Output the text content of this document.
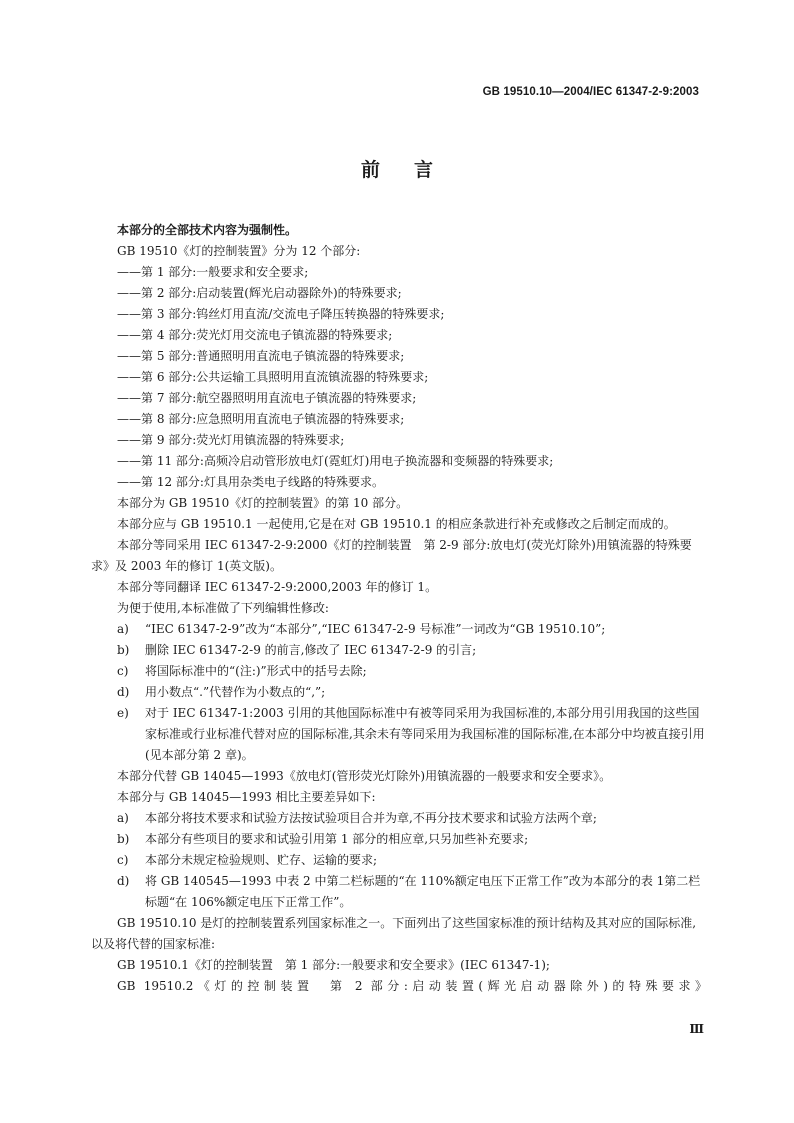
GB 19510.10—2004/IEC 61347-2-9:2003
前言

本部分的全部技术内容为强制性。

GB 19510《灯的控制装置》分为 12 个部分:

——第 1 部分:一般要求和安全要求;

——第 2 部分:启动装置(辉光启动器除外)的特殊要求;

——第 3 部分:钨丝灯用直流/交流电子降压转换器的特殊要求;

——第 4 部分:荧光灯用交流电子镇流器的特殊要求;

——第 5 部分:普通照明用直流电子镇流器的特殊要求;

——第 6 部分:公共运输工具照明用直流镇流器的特殊要求;

——第 7 部分:航空器照明用直流电子镇流器的特殊要求;

——第 8 部分:应急照明用直流电子镇流器的特殊要求;

——第 9 部分:荧光灯用镇流器的特殊要求;

——第 11 部分:高频冷启动管形放电灯(霓虹灯)用电子换流器和变频器的特殊要求;

——第 12 部分:灯具用杂类电子线路的特殊要求。

本部分为 GB 19510《灯的控制装置》的第 10 部分。

本部分应与 GB 19510.1 一起使用,它是在对 GB 19510.1 的相应条款进行补充或修改之后制定而成的。

本部分等同采用 IEC 61347-2-9:2000《灯的控制装置　第 2-9 部分:放电灯(荧光灯除外)用镇流器的特殊要求》及 2003 年的修订 1(英文版)。

本部分等同翻译 IEC 61347-2-9:2000,2003 年的修订 1。

为便于使用,本标准做了下列编辑性修改:

a)	“IEC 61347-2-9”改为“本部分”,“IEC 61347-2-9 号标准”一词改为“GB 19510.10”;
b)	删除 IEC 61347-2-9 的前言,修改了 IEC 61347-2-9 的引言;
c)	将国际标准中的“(注:)”形式中的括号去除;
d)	用小数点“.”代替作为小数点的“,”;
e)	对于 IEC 61347-1:2003 引用的其他国际标准中有被等同采用为我国标准的,本部分用引用我国的这些国家标准或行业标准代替对应的国际标准,其余未有等同采用为我国标准的国际标准,在本部分中均被直接引用(见本部分第 2 章)。

本部分代替 GB 14045—1993《放电灯(管形荧光灯除外)用镇流器的一般要求和安全要求》。

本部分与 GB 14045—1993 相比主要差异如下:

a)	本部分将技术要求和试验方法按试验项目合并为章,不再分技术要求和试验方法两个章;
b)	本部分有些项目的要求和试验引用第 1 部分的相应章,只另加些补充要求;
c)	本部分未规定检验规则、贮存、运输的要求;
d)	将 GB 140545—1993 中表 2 中第二栏标题的“在 110%额定电压下正常工作”改为本部分的表 1第二栏标题“在 106%额定电压下正常工作”。

GB 19510.10 是灯的控制装置系列国家标准之一。下面列出了这些国家标准的预计结构及其对应的国际标准,以及将代替的国家标准:

GB 19510.1《灯的控制装置　第 1 部分:一般要求和安全要求》(IEC 61347-1);

GB 19510.2《灯的控制装置　第 2 部分:启动装置(辉光启动器除外)的特殊要求》

Ⅲ
